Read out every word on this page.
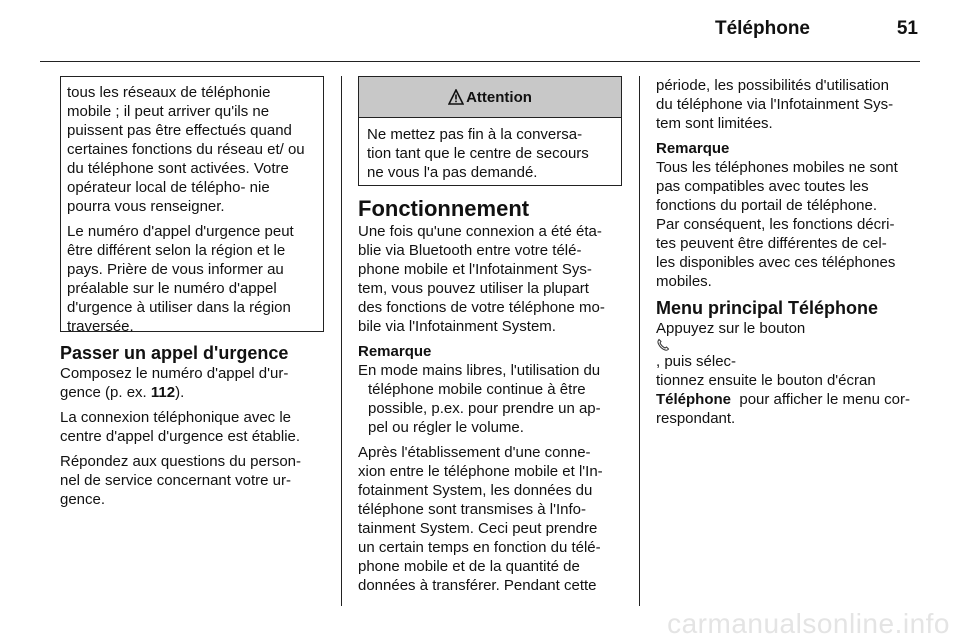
Téléphone	51

tous les réseaux de téléphonie mobile ; il peut arriver qu'ils ne puissent pas être effectués quand certaines fonctions du réseau et/ ou du téléphone sont activées. Votre opérateur local de télépho- nie pourra vous renseigner.

Le numéro d'appel d'urgence peut être différent selon la région et le pays. Prière de vous informer au préalable sur le numéro d'appel d'urgence à utiliser dans la région traversée.

Passer un appel d'urgence

Composez le numéro d'appel d'ur-
gence (p. ex. 112).

La connexion téléphonique avec le
centre d'appel d'urgence est établie.

Répondez aux questions du person-
nel de service concernant votre ur-
gence.

Attention
Ne mettez pas fin à la conversa-
tion tant que le centre de secours
ne vous l'a pas demandé.
Fonctionnement

Une fois qu'une connexion a été éta-
blie via Bluetooth entre votre télé-
phone mobile et l'Infotainment Sys-
tem, vous pouvez utiliser la plupart
des fonctions de votre téléphone mo-
bile via l'Infotainment System.

Remarque
En mode mains libres, l'utilisation du
téléphone mobile continue à être
possible, p.ex. pour prendre un ap-
pel ou régler le volume.

Après l'établissement d'une conne-
xion entre le téléphone mobile et l'In-
fotainment System, les données du
téléphone sont transmises à l'Info-
tainment System. Ceci peut prendre
un certain temps en fonction du télé-
phone mobile et de la quantité de
données à transférer. Pendant cette

période, les possibilités d'utilisation
du téléphone via l'Infotainment Sys-
tem sont limitées.

Remarque
Tous les téléphones mobiles ne sont
pas compatibles avec toutes les
fonctions du portail de téléphone.
Par conséquent, les fonctions décri-
tes peuvent être différentes de cel-
les disponibles avec ces téléphones
mobiles.

Menu principal Téléphone

Appuyez sur le bouton
, puis sélec-
tionnez ensuite le bouton d'écran
Téléphone  pour afficher le menu cor-
respondant.

carmanualsonline.info
